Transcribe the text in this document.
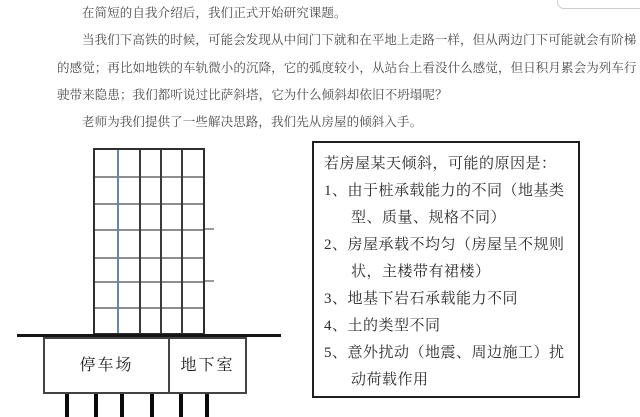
在简短的自我介绍后，我们正式开始研究课题。
当我们下高铁的时候，可能会发现从中间门下就和在平地上走路一样，但从两边门下可能就会有阶梯
的感觉；再比如地铁的车轨微小的沉降，它的弧度较小，从站台上看没什么感觉，但日积月累会为列车行
驶带来隐患；我们都听说过比萨斜塔，它为什么倾斜却依旧不坍塌呢？
老师为我们提供了一些解决思路，我们先从房屋的倾斜入手。
停车场	地下室
若房屋某天倾斜，可能的原因是：
1、由于桩承载能力的不同（地基类
型、质量、规格不同）
2、房屋承载不均匀（房屋呈不规则
状，主楼带有裙楼）
3、地基下岩石承载能力不同
4、土的类型不同
5、意外扰动（地震、周边施工）扰
动荷载作用
